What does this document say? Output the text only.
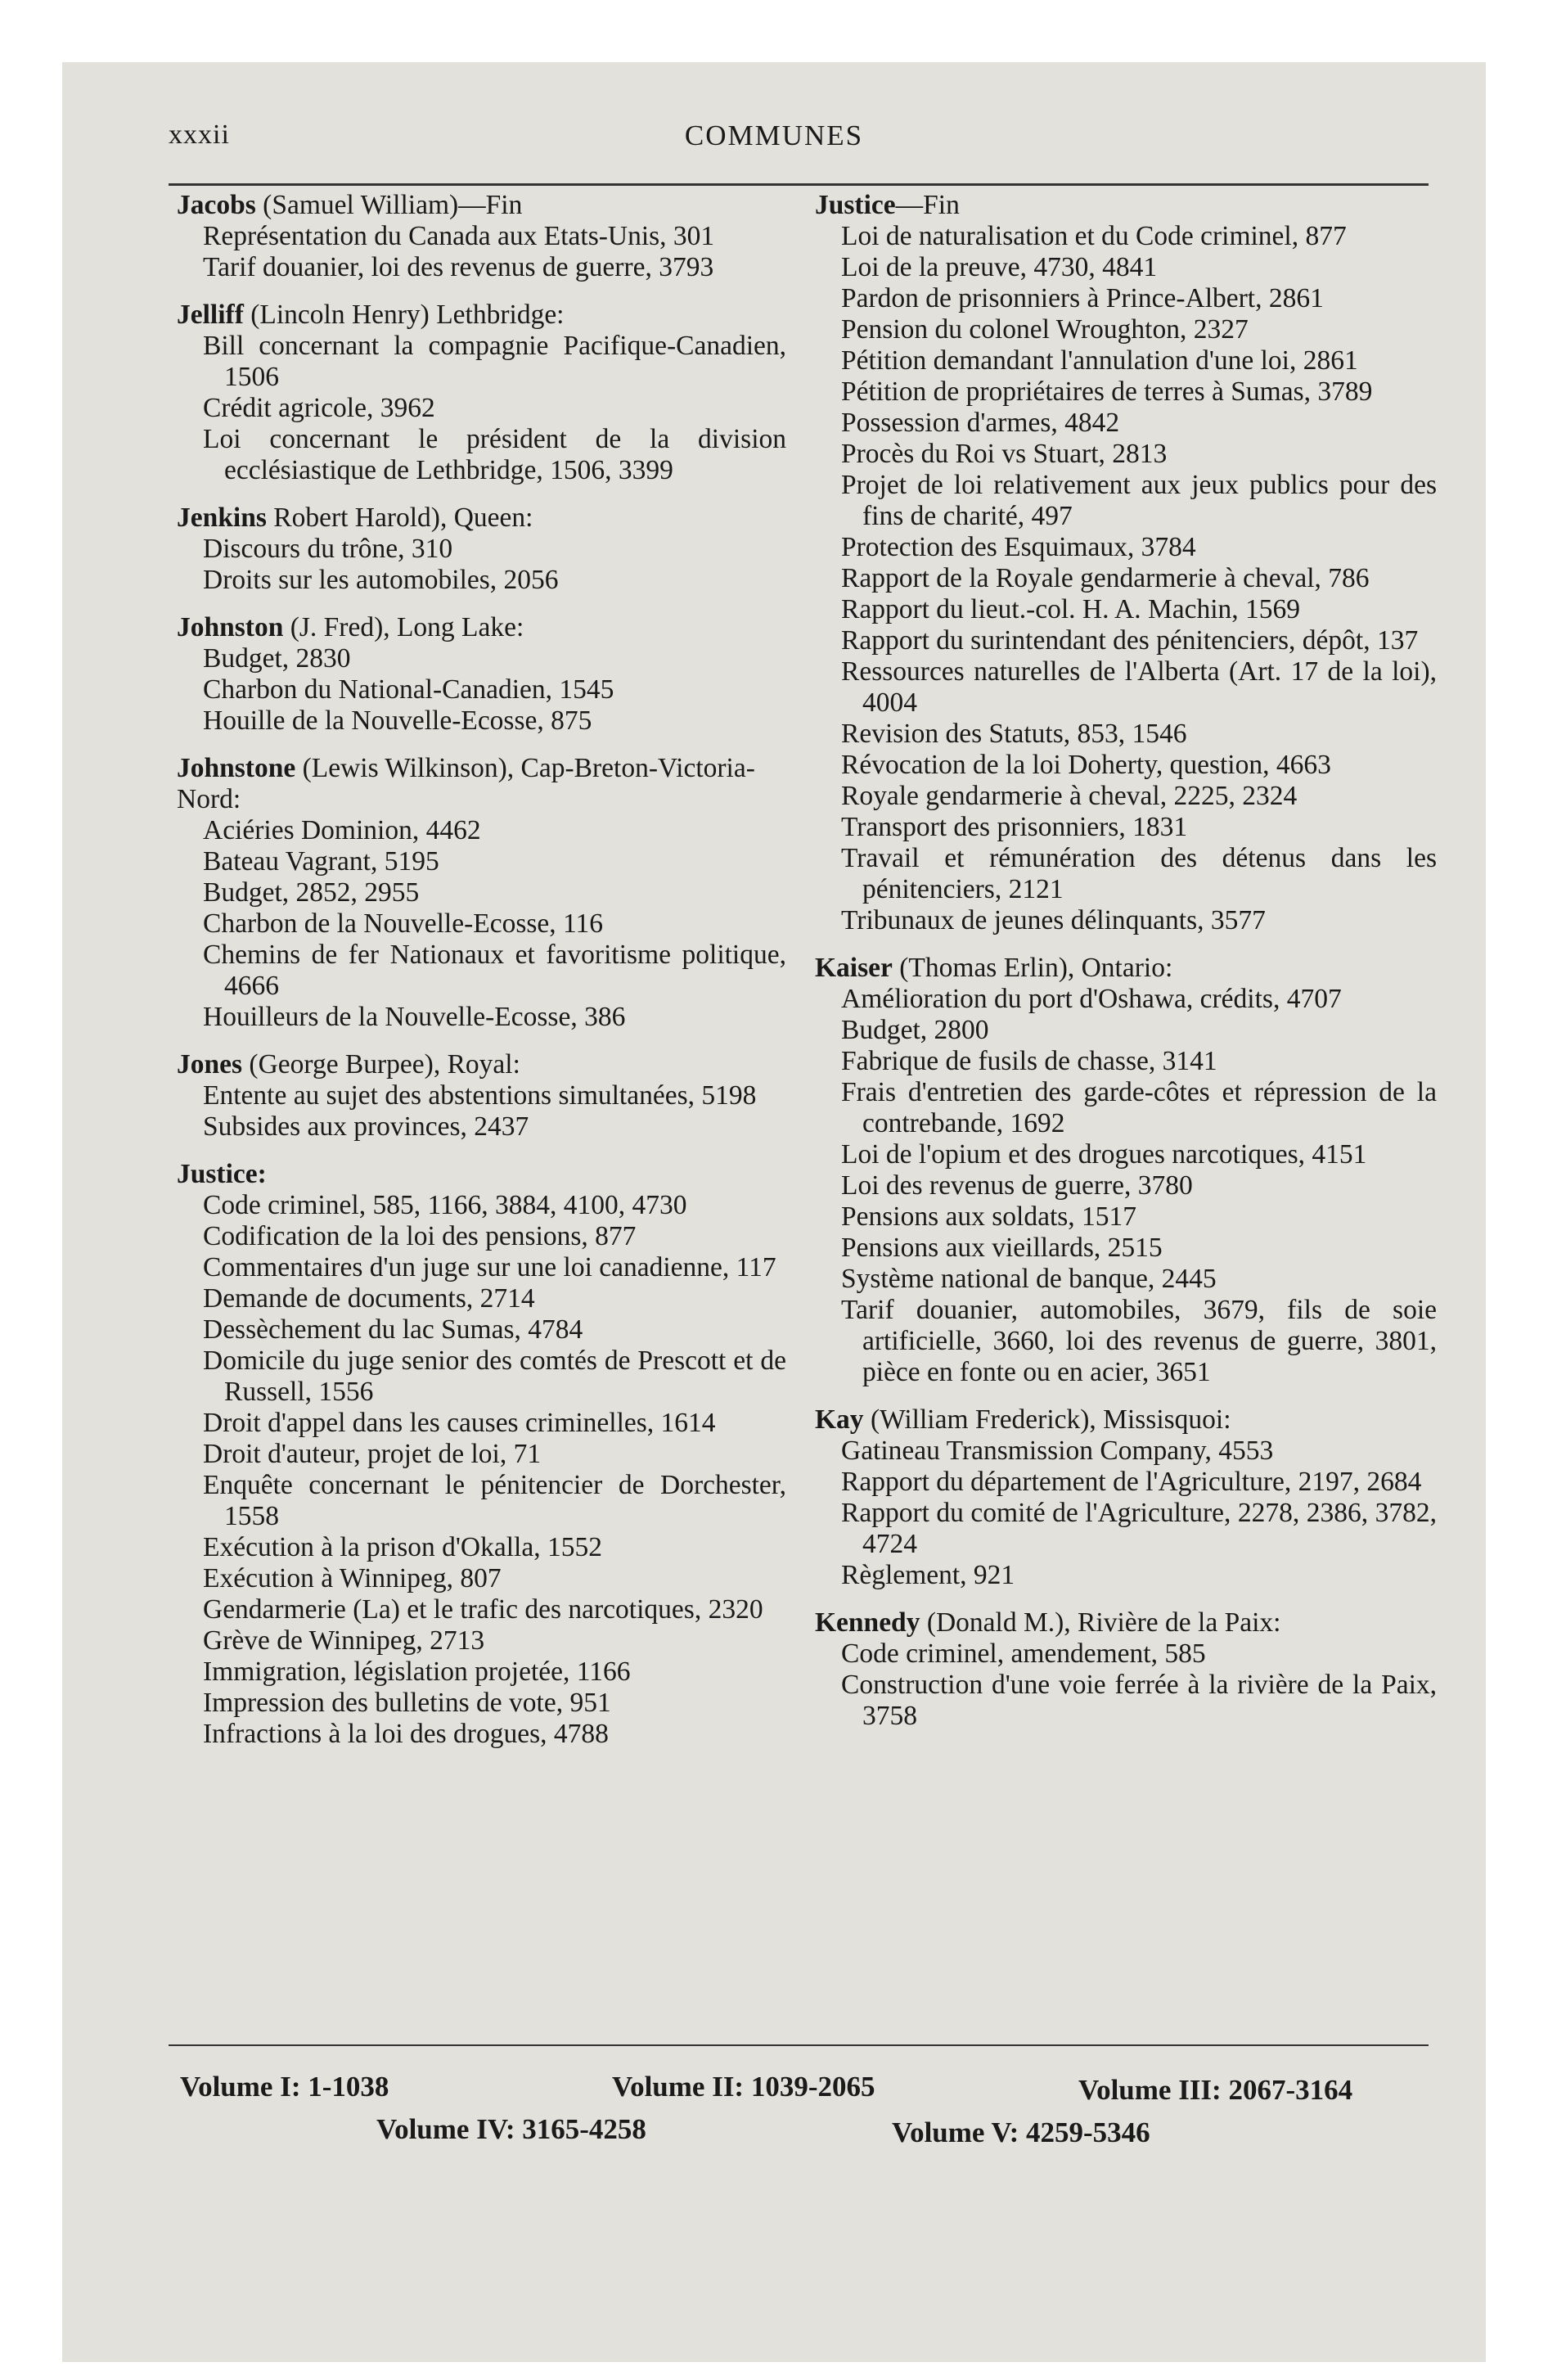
xxxii	COMMUNES
Jacobs (Samuel William)—Fin
Représentation du Canada aux Etats-Unis, 301
Tarif douanier, loi des revenus de guerre, 3793
Jelliff (Lincoln Henry) Lethbridge:
Bill concernant la compagnie Pacifique-Canadien, 1506
Crédit agricole, 3962
Loi concernant le président de la division ecclésiastique de Lethbridge, 1506, 3399
Jenkins Robert Harold), Queen:
Discours du trône, 310
Droits sur les automobiles, 2056
Johnston (J. Fred), Long Lake:
Budget, 2830
Charbon du National-Canadien, 1545
Houille de la Nouvelle-Ecosse, 875
Johnstone (Lewis Wilkinson), Cap-Breton-Victoria-Nord:
Aciéries Dominion, 4462
Bateau Vagrant, 5195
Budget, 2852, 2955
Charbon de la Nouvelle-Ecosse, 116
Chemins de fer Nationaux et favoritisme politique, 4666
Houilleurs de la Nouvelle-Ecosse, 386
Jones (George Burpee), Royal:
Entente au sujet des abstentions simultanées, 5198
Subsides aux provinces, 2437
Justice:
Code criminel, 585, 1166, 3884, 4100, 4730
Codification de la loi des pensions, 877
Commentaires d'un juge sur une loi canadienne, 117
Demande de documents, 2714
Dessèchement du lac Sumas, 4784
Domicile du juge senior des comtés de Prescott et de Russell, 1556
Droit d'appel dans les causes criminelles, 1614
Droit d'auteur, projet de loi, 71
Enquête concernant le pénitencier de Dorchester, 1558
Exécution à la prison d'Okalla, 1552
Exécution à Winnipeg, 807
Gendarmerie (La) et le trafic des narcotiques, 2320
Grève de Winnipeg, 2713
Immigration, législation projetée, 1166
Impression des bulletins de vote, 951
Infractions à la loi des drogues, 4788
Justice—Fin
Loi de naturalisation et du Code criminel, 877
Loi de la preuve, 4730, 4841
Pardon de prisonniers à Prince-Albert, 2861
Pension du colonel Wroughton, 2327
Pétition demandant l'annulation d'une loi, 2861
Pétition de propriétaires de terres à Sumas, 3789
Possession d'armes, 4842
Procès du Roi vs Stuart, 2813
Projet de loi relativement aux jeux publics pour des fins de charité, 497
Protection des Esquimaux, 3784
Rapport de la Royale gendarmerie à cheval, 786
Rapport du lieut.-col. H. A. Machin, 1569
Rapport du surintendant des pénitenciers, dépôt, 137
Ressources naturelles de l'Alberta (Art. 17 de la loi), 4004
Revision des Statuts, 853, 1546
Révocation de la loi Doherty, question, 4663
Royale gendarmerie à cheval, 2225, 2324
Transport des prisonniers, 1831
Travail et rémunération des détenus dans les pénitenciers, 2121
Tribunaux de jeunes délinquants, 3577
Kaiser (Thomas Erlin), Ontario:
Amélioration du port d'Oshawa, crédits, 4707
Budget, 2800
Fabrique de fusils de chasse, 3141
Frais d'entretien des garde-côtes et répression de la contrebande, 1692
Loi de l'opium et des drogues narcotiques, 4151
Loi des revenus de guerre, 3780
Pensions aux soldats, 1517
Pensions aux vieillards, 2515
Système national de banque, 2445
Tarif douanier, automobiles, 3679, fils de soie artificielle, 3660, loi des revenus de guerre, 3801, pièce en fonte ou en acier, 3651
Kay (William Frederick), Missisquoi:
Gatineau Transmission Company, 4553
Rapport du département de l'Agriculture, 2197, 2684
Rapport du comité de l'Agriculture, 2278, 2386, 3782, 4724
Règlement, 921
Kennedy (Donald M.), Rivière de la Paix:
Code criminel, amendement, 585
Construction d'une voie ferrée à la rivière de la Paix, 3758
Volume I: 1-1038	Volume II: 1039-2065	Volume III: 2067-3164
Volume IV: 3165-4258	Volume V: 4259-5346
